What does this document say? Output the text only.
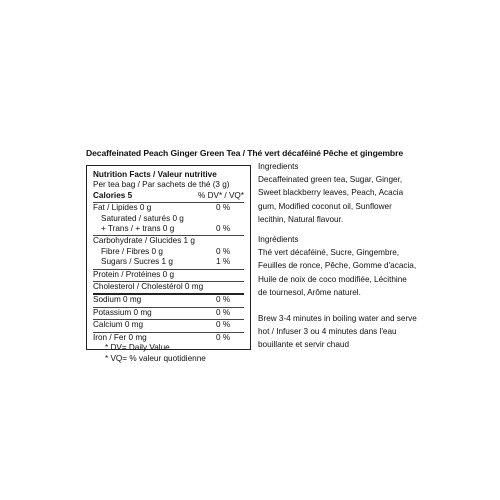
Decaffeinated Peach Ginger Green Tea / Thé vert décaféiné Pêche et gingembre
Nutrition Facts / Valeur nutritive
Per tea bag / Par sachets de thé (3 g)
Calories 5	% DV* / VQ*
Fat / Lipides 0 g	0 %
Saturated / saturés 0 g
+ Trans / + trans 0 g	0 %
Carbohydrate / Glucides 1 g
Fibre / Fibres 0 g	0 %
Sugars / Sucres 1 g	1 %
Protein / Protéines 0 g
Cholesterol / Cholestérol 0 mg
Sodium 0 mg	0 %
Potassium 0 mg	0 %
Calcium 0 mg	0 %
Iron / Fer 0 mg	0 %
* DV= Daily Value
* VQ= % valeur quotidienne

Ingredients

Decaffeinated green tea, Sugar, Ginger, Sweet blackberry leaves, Peach, Acacia gum, Modified coconut oil, Sunflower lecithin, Natural flavour.

Ingrédients

Thé vert décaféiné, Sucre, Gingembre, Feuilles de ronce, Pêche, Gomme d'acacia, Huile de noix de coco modifiée, Lécithine de tournesol, Arôme naturel.

Brew 3-4 minutes in boiling water and serve hot / Infuser 3 ou 4 minutes dans l'eau bouillante et servir chaud
